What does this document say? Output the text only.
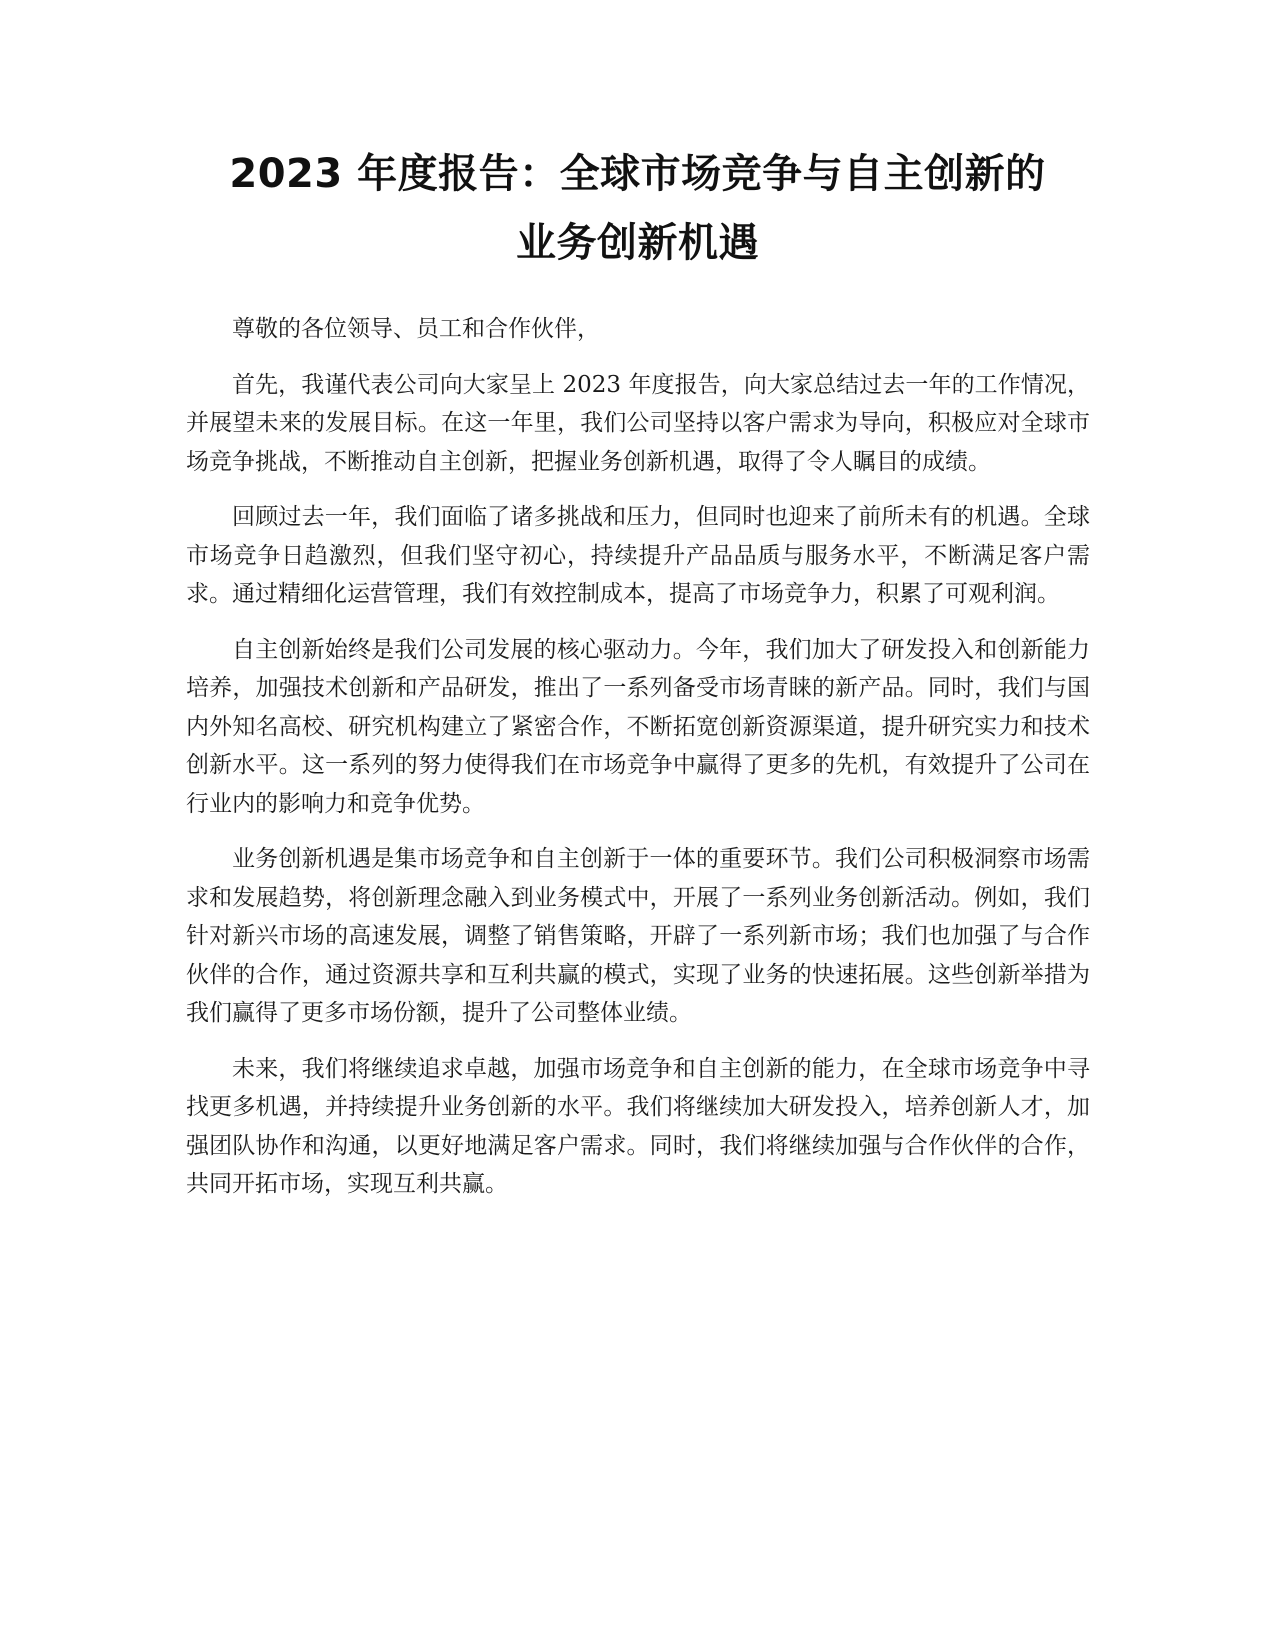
2023 年度报告：全球市场竞争与自主创新的
业务创新机遇

尊敬的各位领导、员工和合作伙伴，

首先，我谨代表公司向大家呈上 2023 年度报告，向大家总结过去一年的工作情况，并展望未来的发展目标。在这一年里，我们公司坚持以客户需求为导向，积极应对全球市场竞争挑战，不断推动自主创新，把握业务创新机遇，取得了令人瞩目的成绩。

回顾过去一年，我们面临了诸多挑战和压力，但同时也迎来了前所未有的机遇。全球市场竞争日趋激烈，但我们坚守初心，持续提升产品品质与服务水平，不断满足客户需求。通过精细化运营管理，我们有效控制成本，提高了市场竞争力，积累了可观利润。

自主创新始终是我们公司发展的核心驱动力。今年，我们加大了研发投入和创新能力培养，加强技术创新和产品研发，推出了一系列备受市场青睐的新产品。同时，我们与国内外知名高校、研究机构建立了紧密合作，不断拓宽创新资源渠道，提升研究实力和技术创新水平。这一系列的努力使得我们在市场竞争中赢得了更多的先机，有效提升了公司在行业内的影响力和竞争优势。

业务创新机遇是集市场竞争和自主创新于一体的重要环节。我们公司积极洞察市场需求和发展趋势，将创新理念融入到业务模式中，开展了一系列业务创新活动。例如，我们针对新兴市场的高速发展，调整了销售策略，开辟了一系列新市场；我们也加强了与合作伙伴的合作，通过资源共享和互利共赢的模式，实现了业务的快速拓展。这些创新举措为我们赢得了更多市场份额，提升了公司整体业绩。

未来，我们将继续追求卓越，加强市场竞争和自主创新的能力，在全球市场竞争中寻找更多机遇，并持续提升业务创新的水平。我们将继续加大研发投入，培养创新人才，加强团队协作和沟通，以更好地满足客户需求。同时，我们将继续加强与合作伙伴的合作，共同开拓市场，实现互利共赢。
